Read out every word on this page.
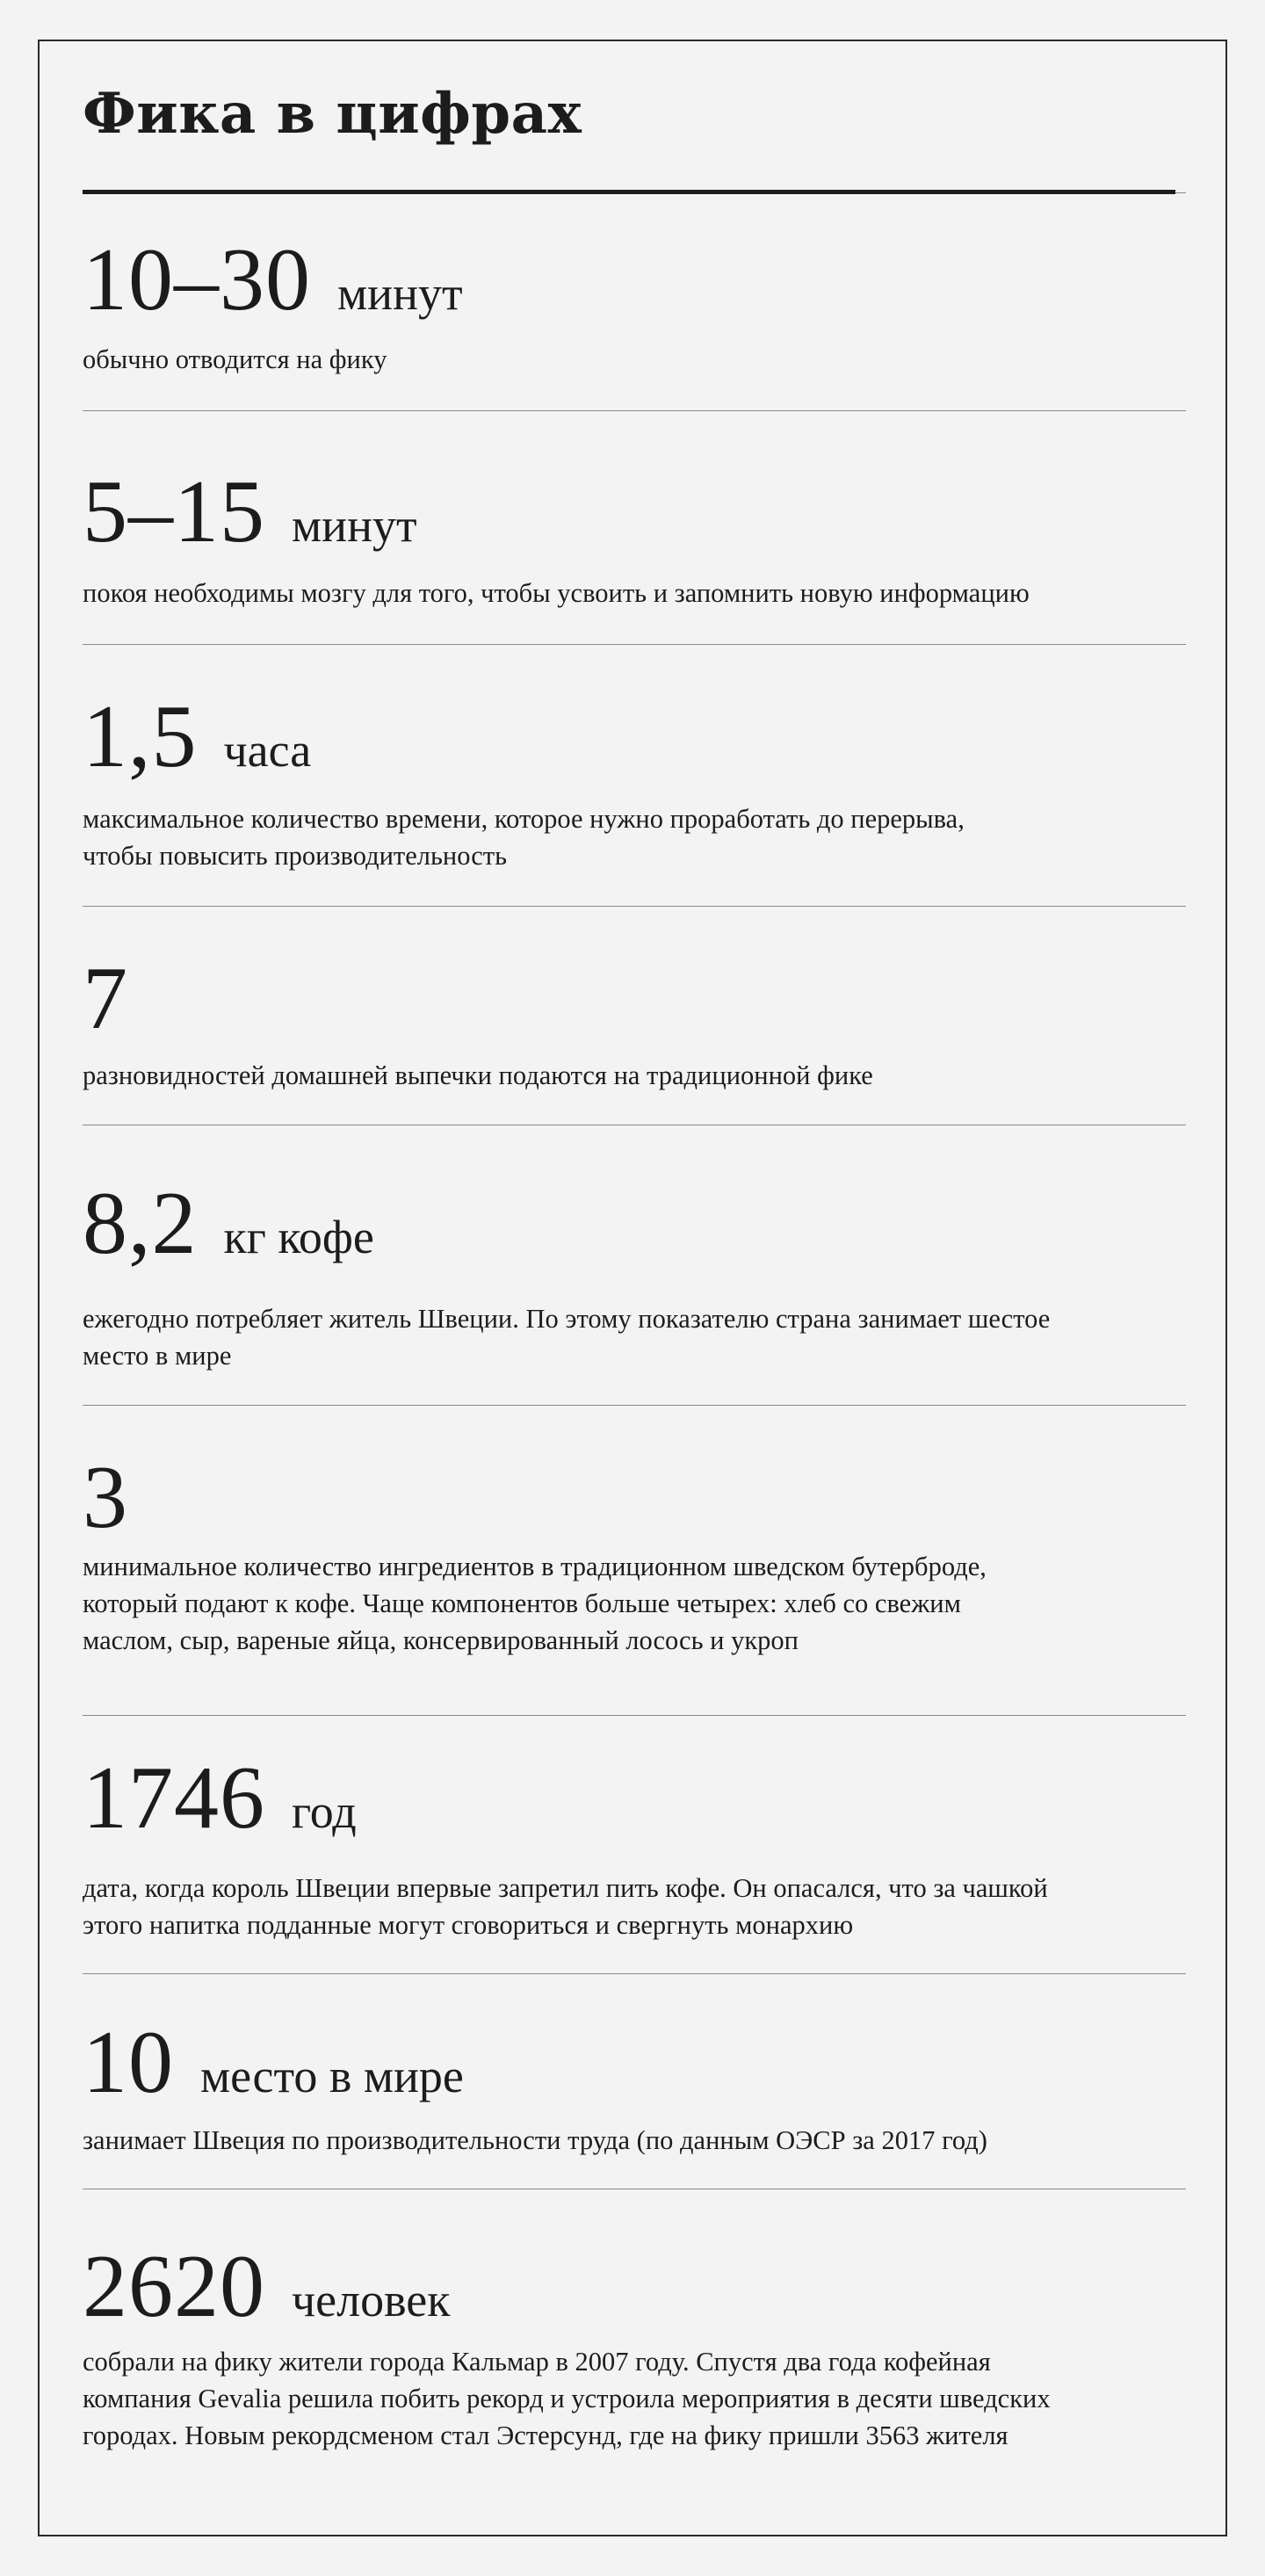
Фика в цифрах
10–30 минут

обычно отводится на фику

5–15 минут

покоя необходимы мозгу для того, чтобы усвоить и запомнить новую информацию

1,5 часа

максимальное количество времени, которое нужно проработать до перерыва,
чтобы повысить производительность

7

разновидностей домашней выпечки подаются на традиционной фике

8,2 кг кофе

ежегодно потребляет житель Швеции. По этому показателю страна занимает шестое
место в мире

3

минимальное количество ингредиентов в традиционном шведском бутерброде,
который подают к кофе. Чаще компонентов больше четырех: хлеб со свежим
маслом, сыр, вареные яйца, консервированный лосось и укроп

1746 год

дата, когда король Швеции впервые запретил пить кофе. Он опасался, что за чашкой
этого напитка подданные могут сговориться и свергнуть монархию

10 место в мире

занимает Швеция по производительности труда (по данным ОЭСР за 2017 год)

2620 человек

собрали на фику жители города Кальмар в 2007 году. Спустя два года кофейная
компания Gevalia решила побить рекорд и устроила мероприятия в десяти шведских
городах. Новым рекордсменом стал Эстерсунд, где на фику пришли 3563 жителя
